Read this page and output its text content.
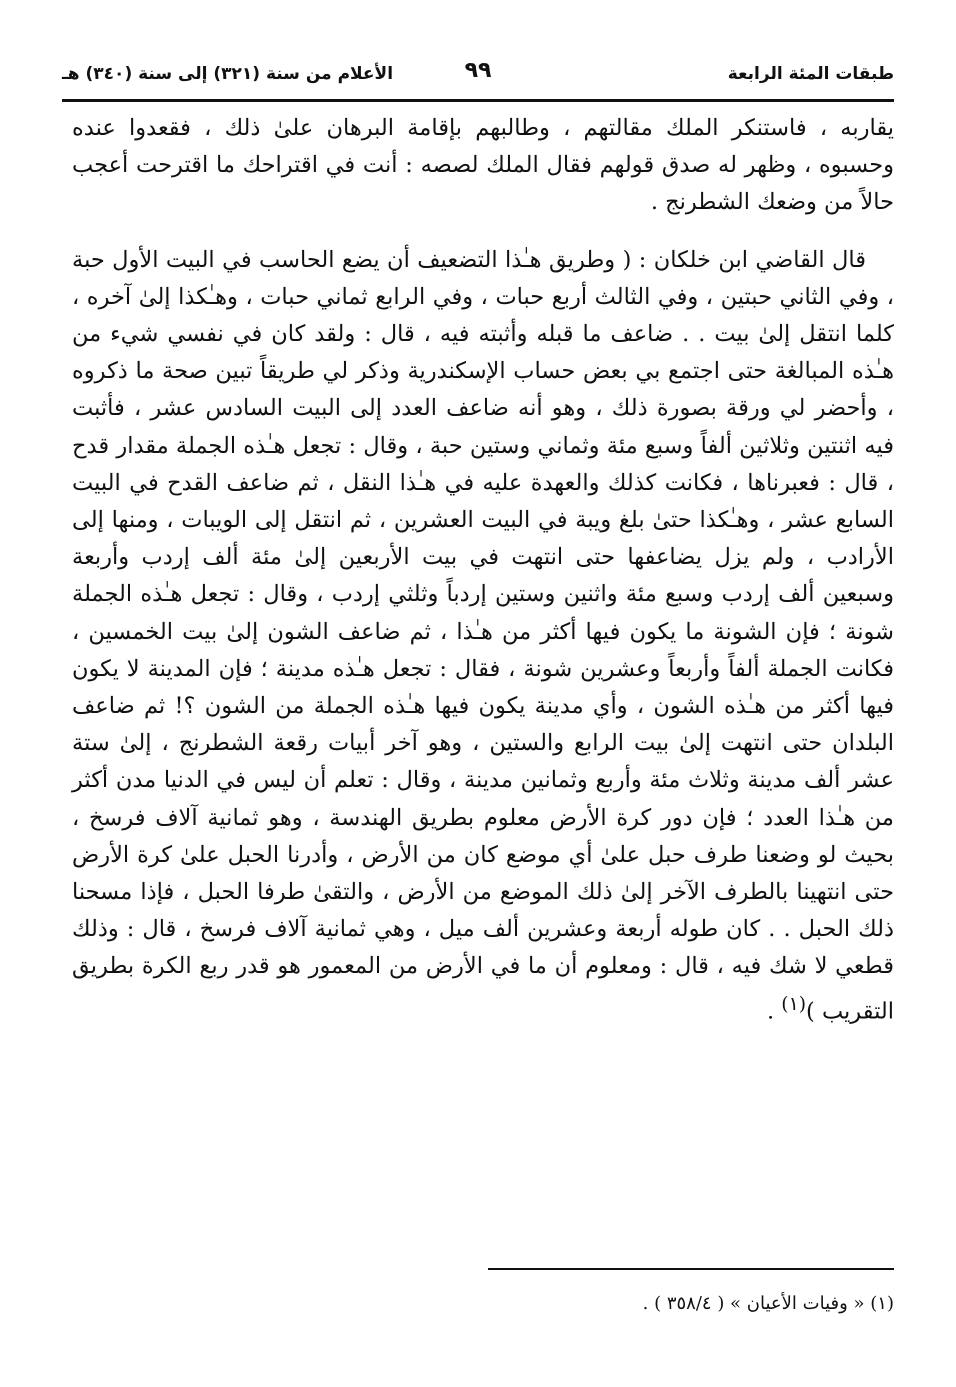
طبقات المئة الرابعة
٩٩
الأعلام من سنة (٣٢١) إلى سنة (٣٤٠) هـ

يقاربه ، فاستنكر الملك مقالتهم ، وطالبهم بإقامة البرهان علىٰ ذلك ، فقعدوا عنده وحسبوه ، وظهر له صدق قولهم فقال الملك لصصه : أنت في اقتراحك ما اقترحت أعجب حالاً من وضعك الشطرنج .

قال القاضي ابن خلكان : ( وطريق هـٰذا التضعيف أن يضع الحاسب في البيت الأول حبة ، وفي الثاني حبتين ، وفي الثالث أربع حبات ، وفي الرابع ثماني حبات ، وهـٰكذا إلىٰ آخره ، كلما انتقل إلىٰ بيت . . ضاعف ما قبله وأثبته فيه ، قال : ولقد كان في نفسي شيء من هـٰذه المبالغة حتى اجتمع بي بعض حساب الإسكندرية وذكر لي طريقاً تبين صحة ما ذكروه ، وأحضر لي ورقة بصورة ذلك ، وهو أنه ضاعف العدد إلى البيت السادس عشر ، فأثبت فيه اثنتين وثلاثين ألفاً وسبع مئة وثماني وستين حبة ، وقال : تجعل هـٰذه الجملة مقدار قدح ، قال : فعبرناها ، فكانت كذلك والعهدة عليه في هـٰذا النقل ، ثم ضاعف القدح في البيت السابع عشر ، وهـٰكذا حتىٰ بلغ ويبة في البيت العشرين ، ثم انتقل إلى الويبات ، ومنها إلى الأرادب ، ولم يزل يضاعفها حتى انتهت في بيت الأربعين إلىٰ مئة ألف إردب وأربعة وسبعين ألف إردب وسبع مئة واثنين وستين إردباً وثلثي إردب ، وقال : تجعل هـٰذه الجملة شونة ؛ فإن الشونة ما يكون فيها أكثر من هـٰذا ، ثم ضاعف الشون إلىٰ بيت الخمسين ، فكانت الجملة ألفاً وأربعاً وعشرين شونة ، فقال : تجعل هـٰذه مدينة ؛ فإن المدينة لا يكون فيها أكثر من هـٰذه الشون ، وأي مدينة يكون فيها هـٰذه الجملة من الشون ؟! ثم ضاعف البلدان حتى انتهت إلىٰ بيت الرابع والستين ، وهو آخر أبيات رقعة الشطرنج ، إلىٰ ستة عشر ألف مدينة وثلاث مئة وأربع وثمانين مدينة ، وقال : تعلم أن ليس في الدنيا مدن أكثر من هـٰذا العدد ؛ فإن دور كرة الأرض معلوم بطريق الهندسة ، وهو ثمانية آلاف فرسخ ، بحيث لو وضعنا طرف حبل علىٰ أي موضع كان من الأرض ، وأدرنا الحبل علىٰ كرة الأرض حتى انتهينا بالطرف الآخر إلىٰ ذلك الموضع من الأرض ، والتقىٰ طرفا الحبل ، فإذا مسحنا ذلك الحبل . . كان طوله أربعة وعشرين ألف ميل ، وهي ثمانية آلاف فرسخ ، قال : وذلك قطعي لا شك فيه ، قال : ومعلوم أن ما في الأرض من المعمور هو قدر ربع الكرة بطريق التقريب )$^{(١)}$ .

(١) « وفيات الأعيان » ( ٣٥٨/٤ ) .
